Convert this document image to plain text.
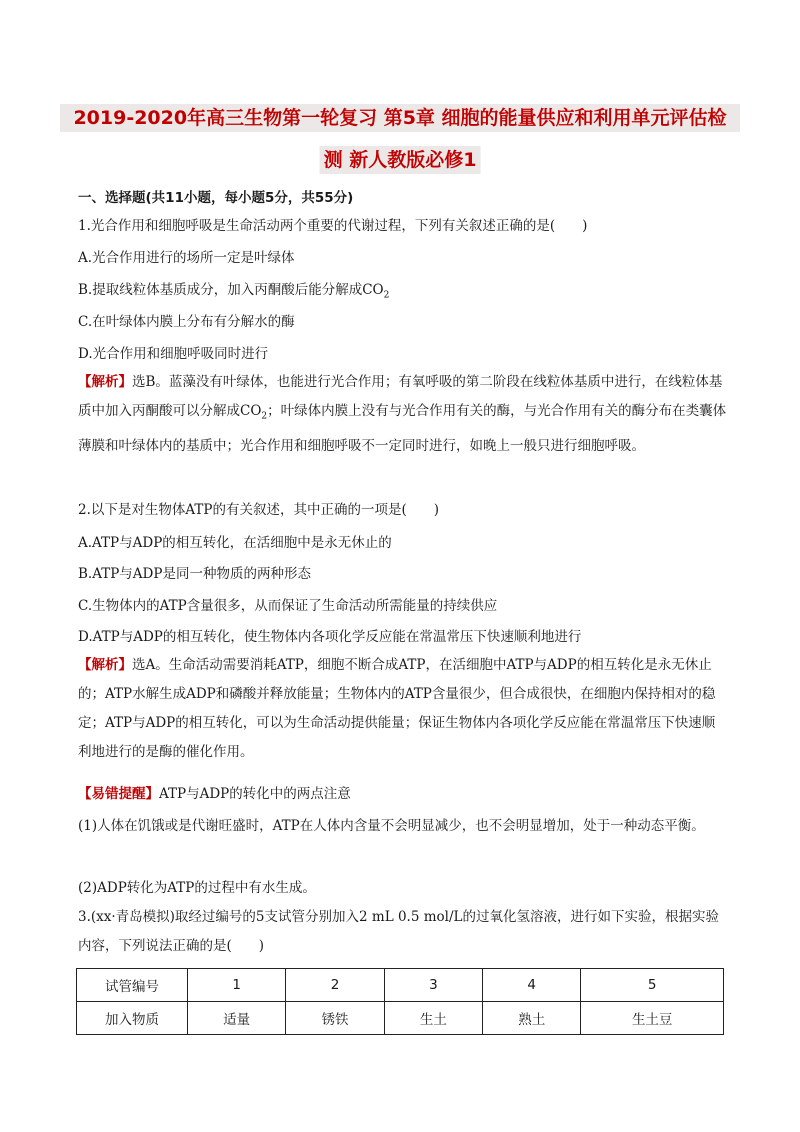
2019-2020年高三生物第一轮复习 第5章 细胞的能量供应和利用单元评估检
测 新人教版必修1
一、选择题(共11小题，每小题5分，共55分)
1.光合作用和细胞呼吸是生命活动两个重要的代谢过程，下列有关叙述正确的是(　　)
A.光合作用进行的场所一定是叶绿体
B.提取线粒体基质成分，加入丙酮酸后能分解成$CO_2$
C.在叶绿体内膜上分布有分解水的酶
D.光合作用和细胞呼吸同时进行
【解析】选B。蓝藻没有叶绿体，也能进行光合作用；有氧呼吸的第二阶段在线粒体基质中进行，在线粒体基质中加入丙酮酸可以分解成$CO_2$；叶绿体内膜上没有与光合作用有关的酶，与光合作用有关的酶分布在类囊体薄膜和叶绿体内的基质中；光合作用和细胞呼吸不一定同时进行，如晚上一般只进行细胞呼吸。
2.以下是对生物体ATP的有关叙述，其中正确的一项是(　　)
A.ATP与ADP的相互转化，在活细胞中是永无休止的
B.ATP与ADP是同一种物质的两种形态
C.生物体内的ATP含量很多，从而保证了生命活动所需能量的持续供应
D.ATP与ADP的相互转化，使生物体内各项化学反应能在常温常压下快速顺利地进行
【解析】选A。生命活动需要消耗ATP，细胞不断合成ATP，在活细胞中ATP与ADP的相互转化是永无休止的；ATP水解生成ADP和磷酸并释放能量；生物体内的ATP含量很少，但合成很快，在细胞内保持相对的稳定；ATP与ADP的相互转化，可以为生命活动提供能量；保证生物体内各项化学反应能在常温常压下快速顺利地进行的是酶的催化作用。
【易错提醒】ATP与ADP的转化中的两点注意
(1)人体在饥饿或是代谢旺盛时，ATP在人体内含量不会明显减少，也不会明显增加，处于一种动态平衡。
(2)ADP转化为ATP的过程中有水生成。
3.(xx·青岛模拟)取经过编号的5支试管分别加入2 mL 0.5 mol/L的过氧化氢溶液，进行如下实验，根据实验内容，下列说法正确的是(　　)
试管编号	1	2	3	4	5
加入物质	适量	锈铁	生土	熟土	生土豆
